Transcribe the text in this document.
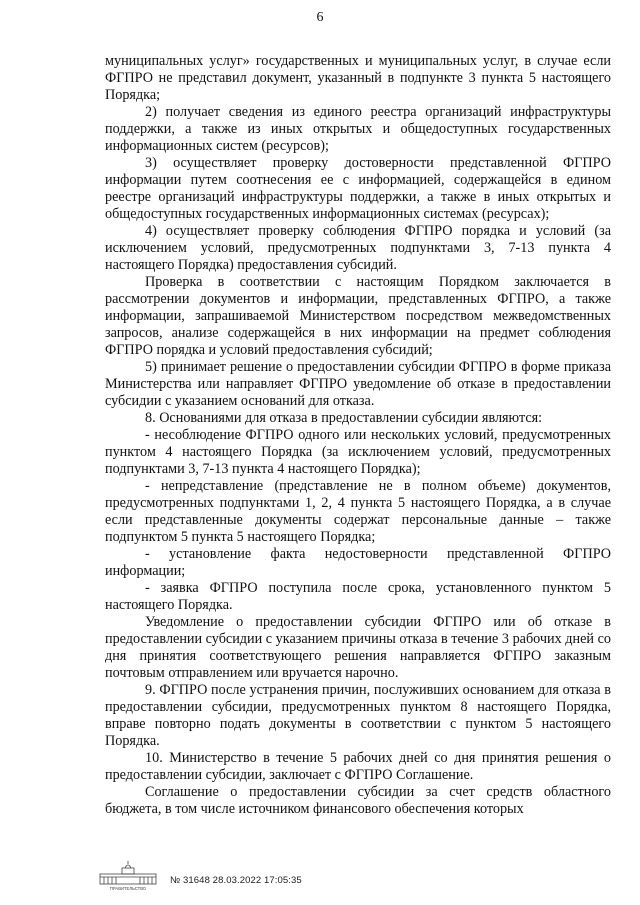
6

муниципальных услуг» государственных и муниципальных услуг, в случае если ФГПРО не представил документ, указанный в подпункте 3 пункта 5 настоящего Порядка;

2) получает сведения из единого реестра организаций инфраструктуры поддержки, а также из иных открытых и общедоступных государственных информационных систем (ресурсов);

3) осуществляет проверку достоверности представленной ФГПРО информации путем соотнесения ее с информацией, содержащейся в едином реестре организаций инфраструктуры поддержки, а также в иных открытых и общедоступных государственных информационных системах (ресурсах);

4) осуществляет проверку соблюдения ФГПРО порядка и условий (за исключением условий, предусмотренных подпунктами 3, 7-13 пункта 4 настоящего Порядка) предоставления субсидий.

Проверка в соответствии с настоящим Порядком заключается в рассмотрении документов и информации, представленных ФГПРО, а также информации, запрашиваемой Министерством посредством межведомственных запросов, анализе содержащейся в них информации на предмет соблюдения ФГПРО порядка и условий предоставления субсидий;

5) принимает решение о предоставлении субсидии ФГПРО в форме приказа Министерства или направляет ФГПРО уведомление об отказе в предоставлении субсидии с указанием оснований для отказа.

8. Основаниями для отказа в предоставлении субсидии являются:

- несоблюдение ФГПРО одного или нескольких условий, предусмотренных пунктом 4 настоящего Порядка (за исключением условий, предусмотренных подпунктами 3, 7-13 пункта 4 настоящего Порядка);

- непредставление (представление не в полном объеме) документов, предусмотренных подпунктами 1, 2, 4 пункта 5 настоящего Порядка, а в случае если представленные документы содержат персональные данные – также подпунктом 5 пункта 5 настоящего Порядка;

- установление факта недостоверности представленной ФГПРО информации;

- заявка ФГПРО поступила после срока, установленного пунктом 5 настоящего Порядка.

Уведомление о предоставлении субсидии ФГПРО или об отказе в предоставлении субсидии с указанием причины отказа в течение 3 рабочих дней со дня принятия соответствующего решения направляется ФГПРО заказным почтовым отправлением или вручается нарочно.

9. ФГПРО после устранения причин, послуживших основанием для отказа в предоставлении субсидии, предусмотренных пунктом 8 настоящего Порядка, вправе повторно подать документы в соответствии с пунктом 5 настоящего Порядка.

10. Министерство в течение 5 рабочих дней со дня принятия решения о предоставлении субсидии, заключает с ФГПРО Соглашение.

Соглашение о предоставлении субсидии за счет средств областного бюджета, в том числе источником финансового обеспечения которых

ПРАВИТЕЛЬСТВО
№ 31648 28.03.2022 17:05:35
